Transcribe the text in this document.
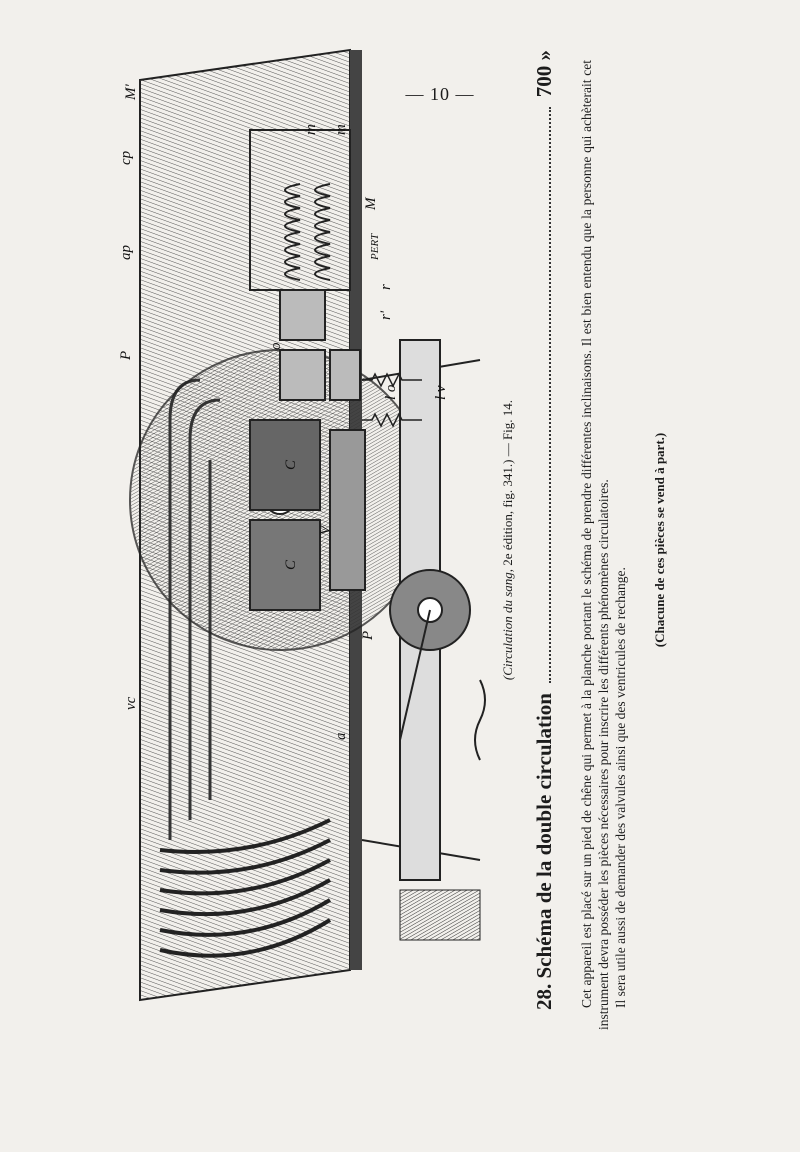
— 10 —
M'
cp
ap
m m
M
PERT
P
r
r'
l o l v
vc
P
o
a
V
C
C
(Circulation du sang, 2e édition, fig. 341.) — Fig. 14.
28. Schéma de la double circulation
700 » Cet appareil est placé sur un pied de chêne qui permet à la planche portant le schéma de prendre différentes inclinaisons. Il est bien entendu que la personne qui achèterait cet instrument devra posséder les pièces nécessaires pour inscrire les différents phénomènes circulatoires. Il sera utile aussi de demander des valvules ainsi que des ventricules de rechange.

(Chacune de ces pièces se vend à part.)
